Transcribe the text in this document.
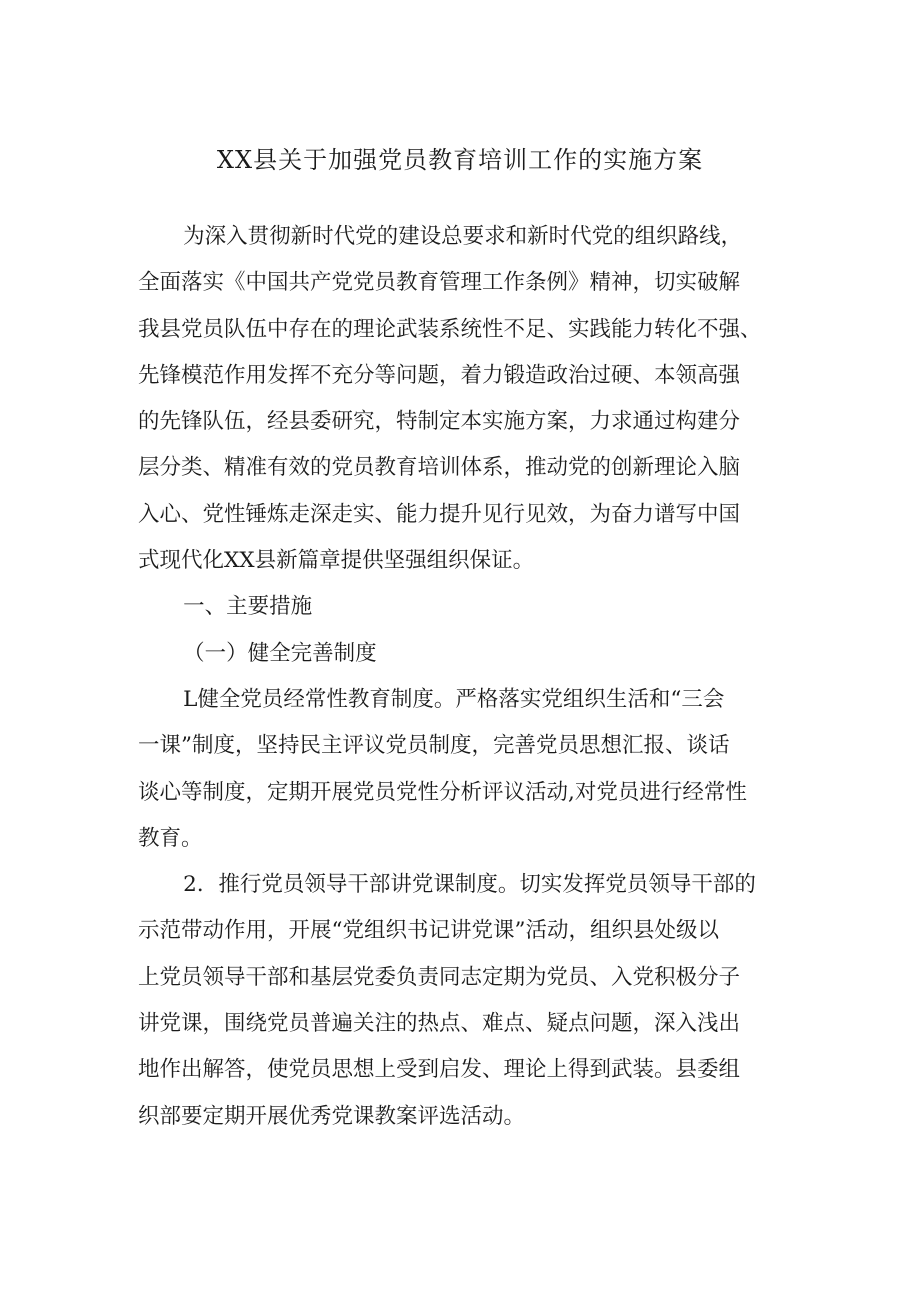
XX县关于加强党员教育培训工作的实施方案
为深入贯彻新时代党的建设总要求和新时代党的组织路线，
全面落实《中国共产党党员教育管理工作条例》精神，切实破解
我县党员队伍中存在的理论武装系统性不足、实践能力转化不强、
先锋模范作用发挥不充分等问题，着力锻造政治过硬、本领高强
的先锋队伍，经县委研究，特制定本实施方案，力求通过构建分
层分类、精准有效的党员教育培训体系，推动党的创新理论入脑
入心、党性锤炼走深走实、能力提升见行见效，为奋力谱写中国
式现代化XX县新篇章提供坚强组织保证。
一、主要措施
（一）健全完善制度
L健全党员经常性教育制度。严格落实党组织生活和“三会
一课”制度，坚持民主评议党员制度，完善党员思想汇报、谈话
谈心等制度，定期开展党员党性分析评议活动,对党员进行经常性
教育。
2．推行党员领导干部讲党课制度。切实发挥党员领导干部的
示范带动作用，开展“党组织书记讲党课”活动，组织县处级以
上党员领导干部和基层党委负责同志定期为党员、入党积极分子
讲党课，围绕党员普遍关注的热点、难点、疑点问题，深入浅出
地作出解答，使党员思想上受到启发、理论上得到武装。县委组
织部要定期开展优秀党课教案评选活动。
